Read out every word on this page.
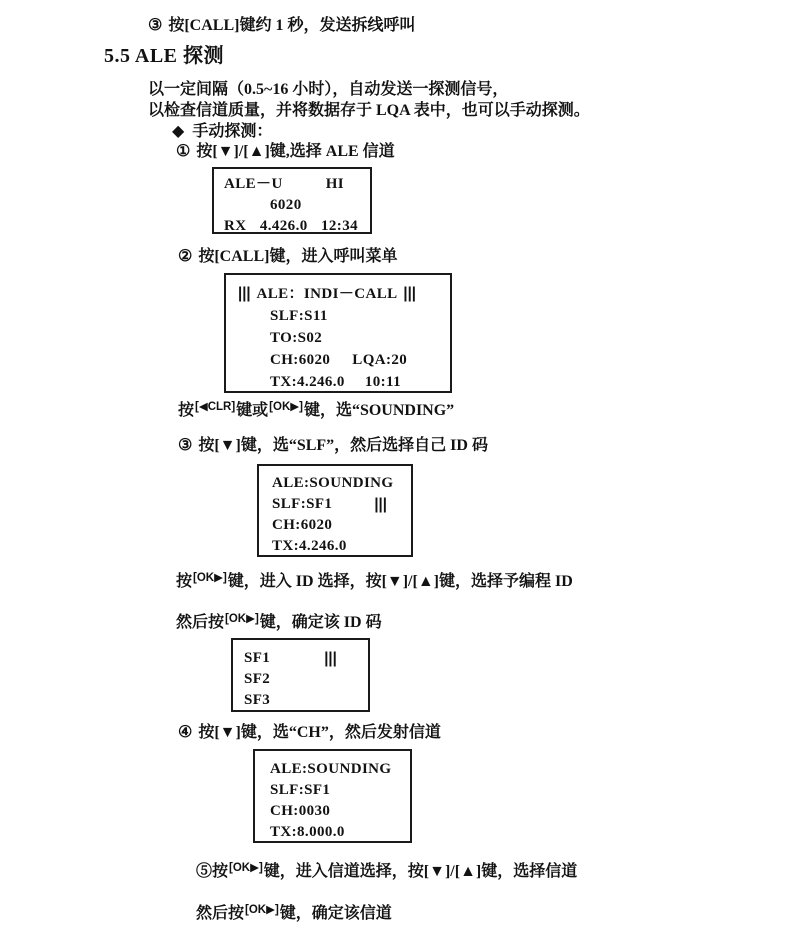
③ 按[CALL]键约 1 秒，发送拆线呼叫
5.5 ALE 探测
以一定间隔（0.5~16 小时），自动发送一探测信号，
以检查信道质量，并将数据存于 LQA 表中，也可以手动探测。
◆ 手动探测：
① 按[▼]/[▲]键,选择 ALE 信道
ALE－U	HI
6020
RX 4.426.0 12:34
② 按[CALL]键，进入呼叫菜单
||| ALE：INDI－CALL |||
SLF:S11
TO:S02
CH:6020 LQA:20
TX:4.246.0 10:11
按[◀CLR]键或[OK▶]键，选“SOUNDING”
③ 按[▼]键，选“SLF”，然后选择自己 ID 码
ALE:SOUNDING
SLF:SF1	|||
CH:6020
TX:4.246.0
按[OK▶]键，进入 ID 选择，按[▼]/[▲]键，选择予编程 ID
然后按[OK▶]键，确定该 ID 码
SF1	|||
SF2
SF3
④ 按[▼]键，选“CH”，然后发射信道
ALE:SOUNDING
SLF:SF1
CH:0030
TX:8.000.0
⑤按[OK▶]键，进入信道选择，按[▼]/[▲]键，选择信道
然后按[OK▶]键，确定该信道
